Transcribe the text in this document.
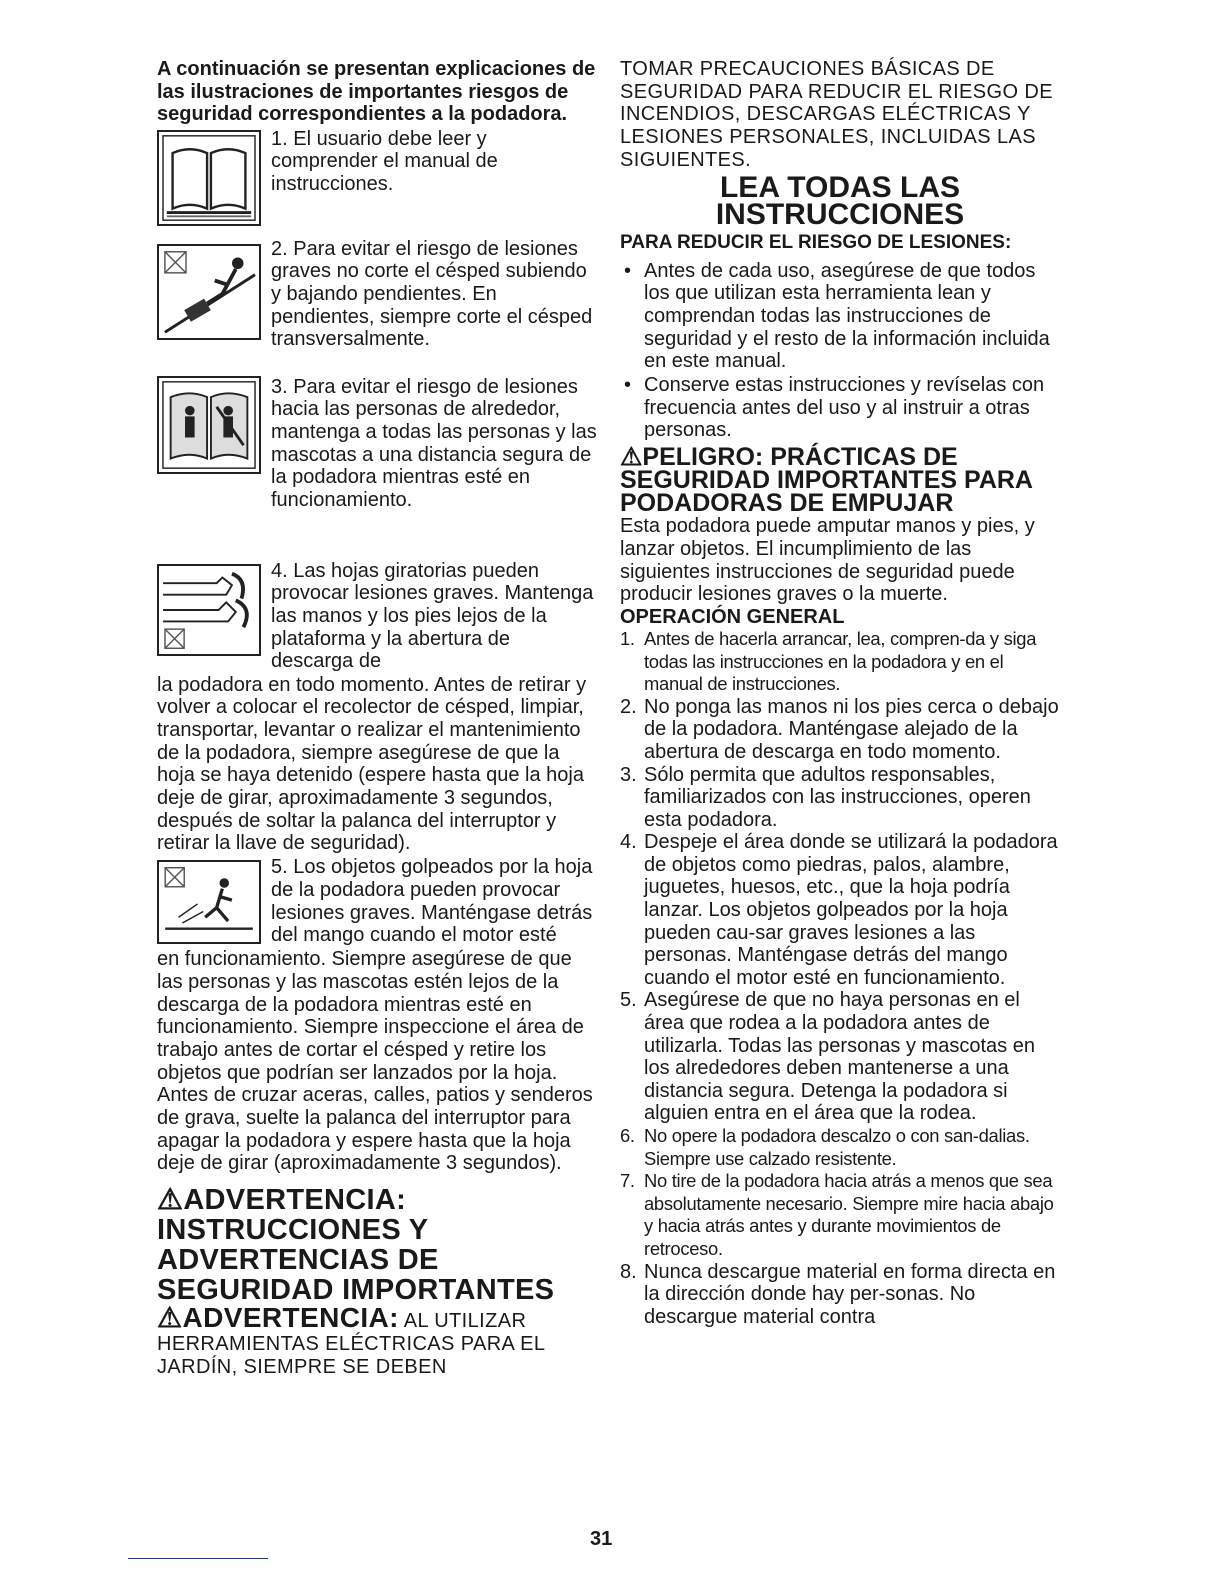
A continuación se presentan explicaciones de las ilustraciones de importantes riesgos de seguridad correspondientes a la podadora.

1. El usuario debe leer y comprender el manual de instrucciones.

2. Para evitar el riesgo de lesiones graves no corte el césped subiendo y bajando pendientes. En pendientes, siempre corte el césped transversalmente.

3. Para evitar el riesgo de lesiones hacia las personas de alrededor, mantenga a todas las personas y las mascotas a una distancia segura de la podadora mientras esté en funcionamiento.

4. Las hojas giratorias pueden provocar lesiones graves. Mantenga las manos y los pies lejos de la plataforma y la abertura de descarga de

la podadora en todo momento. Antes de retirar y volver a colocar el recolector de césped, limpiar, transportar, levantar o realizar el mantenimiento de la podadora, siempre asegúrese de que la hoja se haya detenido (espere hasta que la hoja deje de girar, aproximadamente 3 segundos, después de soltar la palanca del interruptor y retirar la llave de seguridad).

5. Los objetos golpeados por la hoja de la podadora pueden provocar lesiones graves. Manténgase detrás del mango cuando el motor esté

en funcionamiento. Siempre asegúrese de que las personas y las mascotas estén lejos de la descarga de la podadora mientras esté en funcionamiento. Siempre inspeccione el área de trabajo antes de cortar el césped y retire los objetos que podrían ser lanzados por la hoja. Antes de cruzar aceras, calles, patios y senderos de grava, suelte la palanca del interruptor para apagar la podadora y espere hasta que la hoja deje de girar (aproximadamente 3 segundos).

⚠ADVERTENCIA: INSTRUCCIONES Y ADVERTENCIAS DE SEGURIDAD IMPORTANTES

⚠ADVERTENCIA: AL UTILIZAR HERRAMIENTAS ELÉCTRICAS PARA EL JARDÍN, SIEMPRE SE DEBEN

TOMAR PRECAUCIONES BÁSICAS DE SEGURIDAD PARA REDUCIR EL RIESGO DE INCENDIOS, DESCARGAS ELÉCTRICAS Y LESIONES PERSONALES, INCLUIDAS LAS SIGUIENTES.

LEA TODAS LAS INSTRUCCIONES

PARA REDUCIR EL RIESGO DE LESIONES:

• Antes de cada uso, asegúrese de que todos los que utilizan esta herramienta lean y comprendan todas las instrucciones de seguridad y el resto de la información incluida en este manual.
• Conserve estas instrucciones y revíselas con frecuencia antes del uso y al instruir a otras personas.

⚠PELIGRO: PRÁCTICAS DE SEGURIDAD IMPORTANTES PARA PODADORAS DE EMPUJAR

Esta podadora puede amputar manos y pies, y lanzar objetos. El incumplimiento de las siguientes instrucciones de seguridad puede producir lesiones graves o la muerte.

OPERACIÓN GENERAL

1. Antes de hacerla arrancar, lea, compren-da y siga todas las instrucciones en la podadora y en el manual de instrucciones.
2. No ponga las manos ni los pies cerca o debajo de la podadora. Manténgase alejado de la abertura de descarga en todo momento.
3. Sólo permita que adultos responsables, familiarizados con las instrucciones, operen esta podadora.
4. Despeje el área donde se utilizará la podadora de objetos como piedras, palos, alambre, juguetes, huesos, etc., que la hoja podría lanzar. Los objetos golpeados por la hoja pueden cau-sar graves lesiones a las personas. Manténgase detrás del mango cuando el motor esté en funcionamiento.
5. Asegúrese de que no haya personas en el área que rodea a la podadora antes de utilizarla. Todas las personas y mascotas en los alrededores deben mantenerse a una distancia segura. Detenga la podadora si alguien entra en el área que la rodea.
6. No opere la podadora descalzo o con san-dalias. Siempre use calzado resistente.
7. No tire de la podadora hacia atrás a menos que sea absolutamente necesario. Siempre mire hacia abajo y hacia atrás antes y durante movimientos de retroceso.
8. Nunca descargue material en forma directa en la dirección donde hay per-sonas. No descargue material contra
31
